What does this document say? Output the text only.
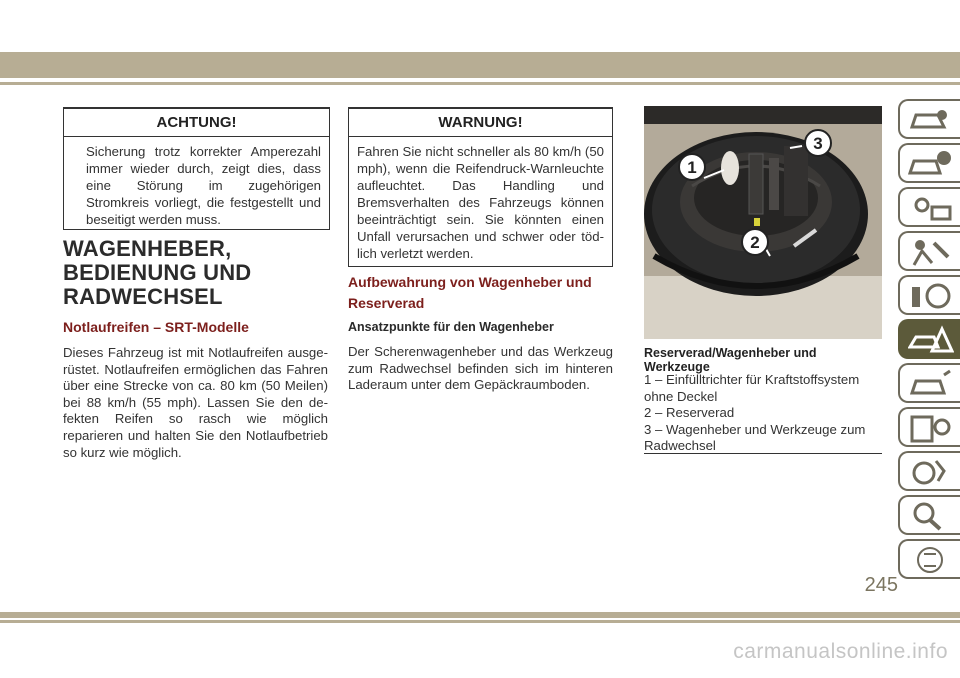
ACHTUNG!
Sicherung trotz korrekter Amperezahl immer wieder durch, zeigt dies, dass eine Störung im zugehörigen Stromkreis vorliegt, die festgestellt und beseitigt werden muss.
WAGENHEBER,
BEDIENUNG UND
RADWECHSEL
Notlaufreifen – SRT-Modelle
Dieses Fahrzeug ist mit Notlaufreifen ausgerüstet. Notlaufreifen ermöglichen das Fahren über eine Strecke von ca. 80 km (50 Meilen) bei 88 km/h (55 mph). Lassen Sie den defekten Reifen so rasch wie möglich reparieren und halten Sie den Notlaufbetrieb so kurz wie möglich.
WARNUNG!
Fahren Sie nicht schneller als 80 km/h (50 mph), wenn die Reifendruck-Warnleuchte aufleuchtet. Das Handling und Bremsverhalten des Fahrzeugs können beeinträchtigt sein. Sie könnten einen Unfall verursachen und schwer oder tödlich verletzt werden.
Aufbewahrung von Wagenheber und
Reserverad
Ansatzpunkte für den Wagenheber
Der Scherenwagenheber und das Werkzeug zum Radwechsel befinden sich im hinteren Laderaum unter dem Gepäckraumboden.
1
2
3
Reserverad/Wagenheber und Werkzeuge
1 – Einfülltrichter für Kraftstoffsystem ohne Deckel
2 – Reserverad
3 – Wagenheber und Werkzeuge zum Radwechsel
245
carmanualsonline.info
